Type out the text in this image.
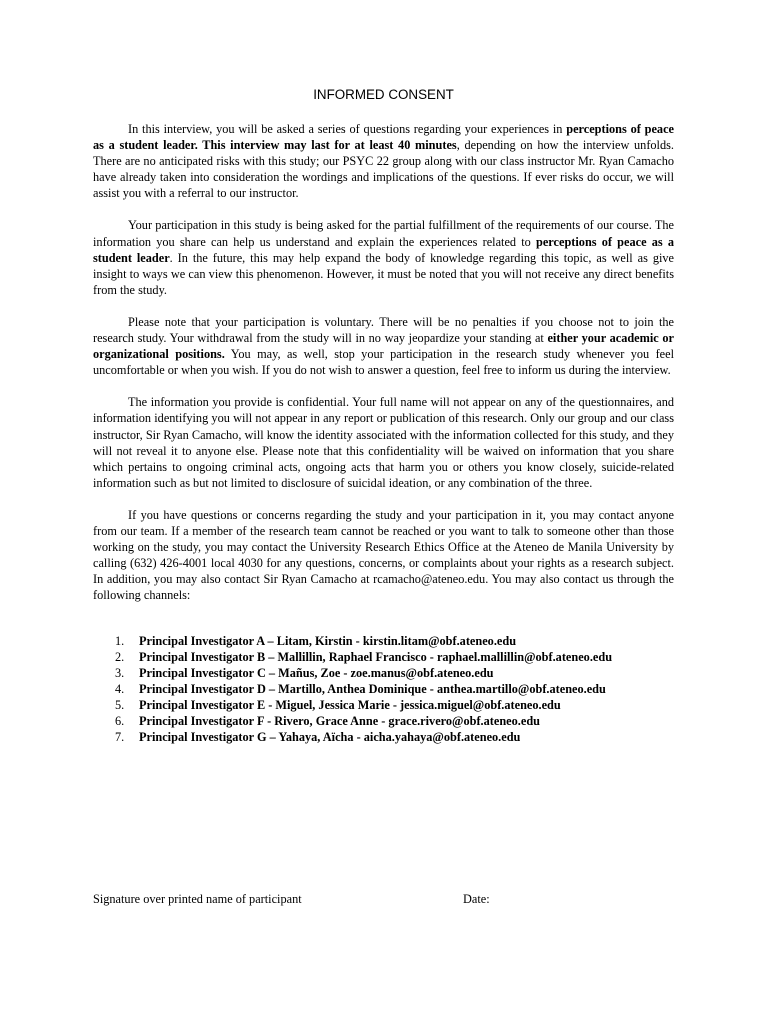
INFORMED CONSENT

In this interview, you will be asked a series of questions regarding your experiences in perceptions of peace as a student leader. This interview may last for at least 40 minutes, depending on how the interview unfolds. There are no anticipated risks with this study; our PSYC 22 group along with our class instructor Mr. Ryan Camacho have already taken into consideration the wordings and implications of the questions. If ever risks do occur, we will assist you with a referral to our instructor.

Your participation in this study is being asked for the partial fulfillment of the requirements of our course. The information you share can help us understand and explain the experiences related to perceptions of peace as a student leader. In the future, this may help expand the body of knowledge regarding this topic, as well as give insight to ways we can view this phenomenon. However, it must be noted that you will not receive any direct benefits from the study.

Please note that your participation is voluntary. There will be no penalties if you choose not to join the research study. Your withdrawal from the study will in no way jeopardize your standing at either your academic or organizational positions. You may, as well, stop your participation in the research study whenever you feel uncomfortable or when you wish. If you do not wish to answer a question, feel free to inform us during the interview.

The information you provide is confidential. Your full name will not appear on any of the questionnaires, and information identifying you will not appear in any report or publication of this research. Only our group and our class instructor, Sir Ryan Camacho, will know the identity associated with the information collected for this study, and they will not reveal it to anyone else. Please note that this confidentiality will be waived on information that you share which pertains to ongoing criminal acts, ongoing acts that harm you or others you know closely, suicide-related information such as but not limited to disclosure of suicidal ideation, or any combination of the three.

If you have questions or concerns regarding the study and your participation in it, you may contact anyone from our team. If a member of the research team cannot be reached or you want to talk to someone other than those working on the study, you may contact the University Research Ethics Office at the Ateneo de Manila University by calling (632) 426-4001 local 4030 for any questions, concerns, or complaints about your rights as a research subject. In addition, you may also contact Sir Ryan Camacho at rcamacho@ateneo.edu. You may also contact us through the following channels:

1. Principal Investigator A – Litam, Kirstin - kirstin.litam@obf.ateneo.edu
2. Principal Investigator B – Mallillin, Raphael Francisco - raphael.mallillin@obf.ateneo.edu
3. Principal Investigator C – Mañus, Zoe - zoe.manus@obf.ateneo.edu
4. Principal Investigator D – Martillo, Anthea Dominique - anthea.martillo@obf.ateneo.edu
5. Principal Investigator E - Miguel, Jessica Marie - jessica.miguel@obf.ateneo.edu
6. Principal Investigator F - Rivero, Grace Anne - grace.rivero@obf.ateneo.edu
7. Principal Investigator G – Yahaya, Aïcha - aicha.yahaya@obf.ateneo.edu
Signature over printed name of participant	Date:
